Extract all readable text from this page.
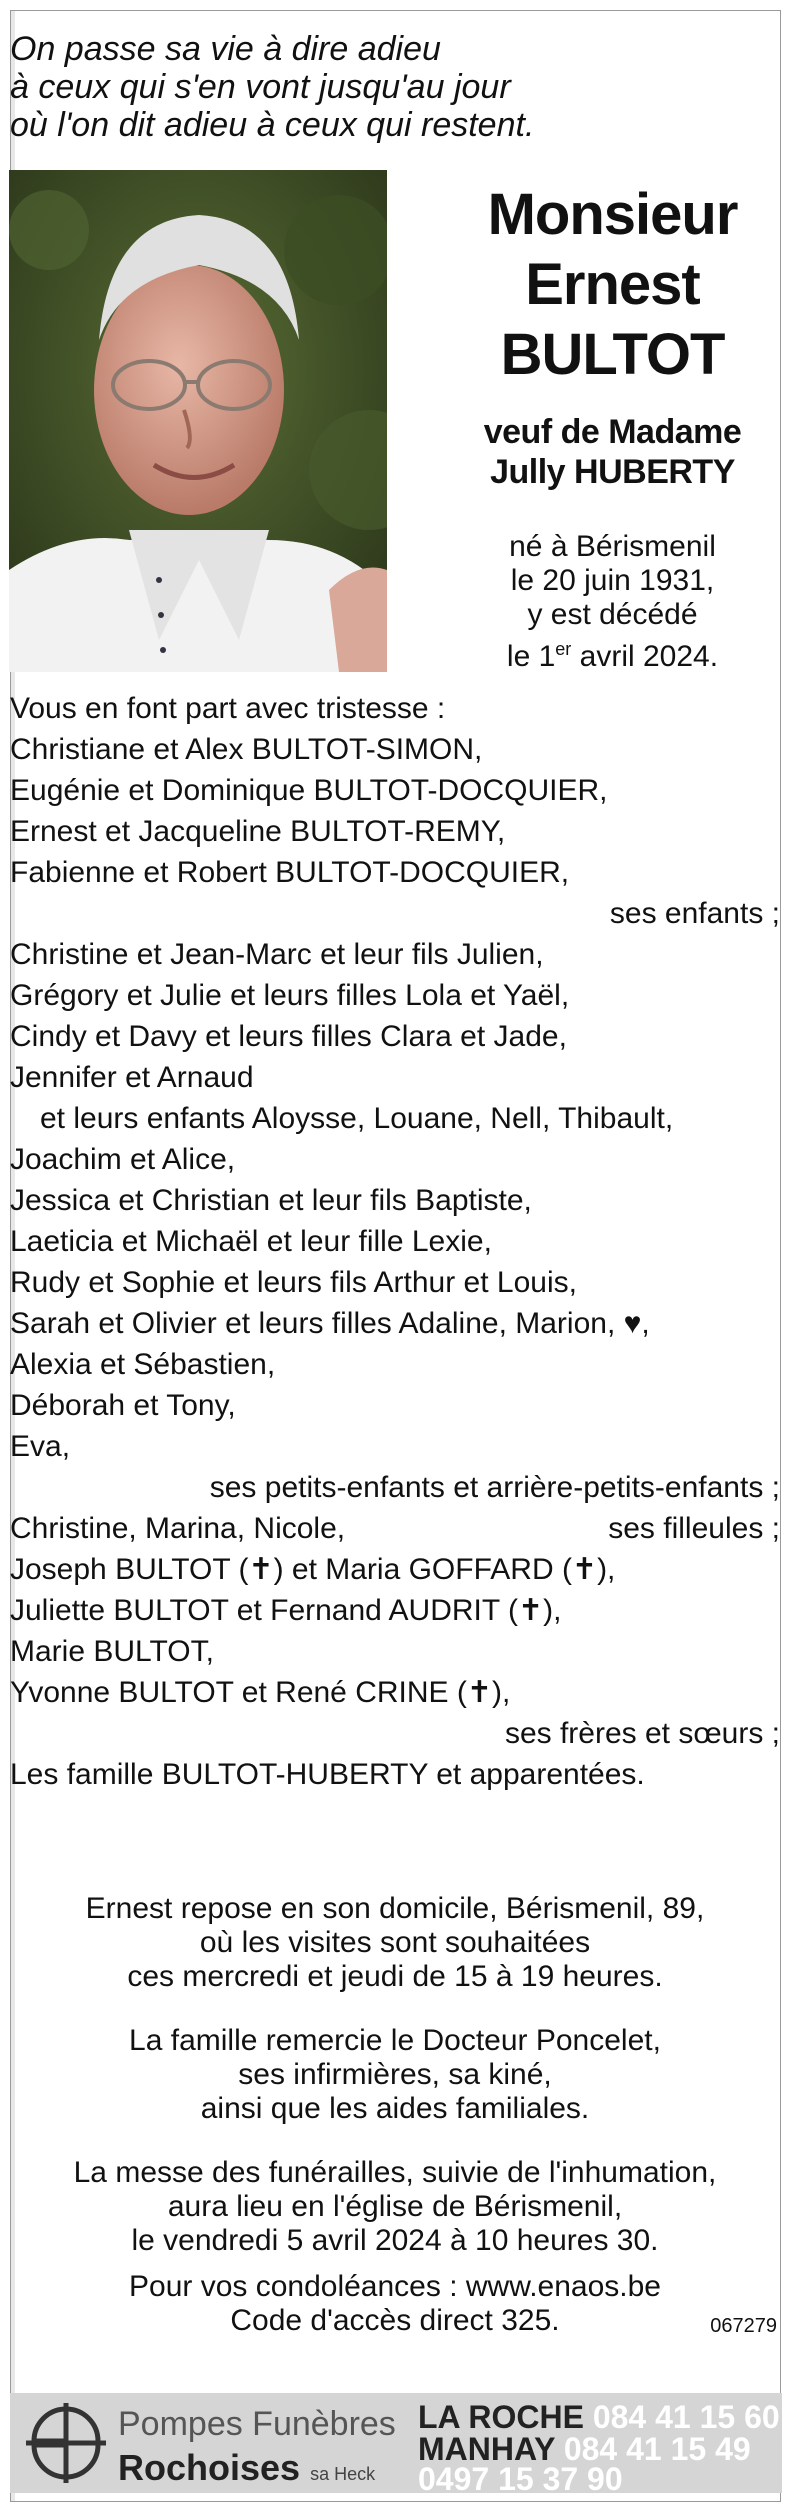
On passe sa vie à dire adieu
à ceux qui s'en vont jusqu'au jour
où l'on dit adieu à ceux qui restent.
Monsieur
Ernest
BULTOT
veuf de Madame
Jully HUBERTY
né à Bérismenil
le 20 juin 1931,
y est décédé
le 1er avril 2024.
Vous en font part avec tristesse :
Christiane et Alex BULTOT-SIMON,
Eugénie et Dominique BULTOT-DOCQUIER,
Ernest et Jacqueline BULTOT-REMY,
Fabienne et Robert BULTOT-DOCQUIER,
ses enfants ;
Christine et Jean-Marc et leur fils Julien,
Grégory et Julie et leurs filles Lola et Yaël,
Cindy et Davy et leurs filles Clara et Jade,
Jennifer et Arnaud
et leurs enfants Aloysse, Louane, Nell, Thibault,
Joachim et Alice,
Jessica et Christian et leur fils Baptiste,
Laeticia et Michaël et leur fille Lexie,
Rudy et Sophie et leurs fils Arthur et Louis,
Sarah et Olivier et leurs filles Adaline, Marion, ♥,
Alexia et Sébastien,
Déborah et Tony,
Eva,
ses petits-enfants et arrière-petits-enfants ;
Christine, Marina, Nicole,	ses filleules ;
Joseph BULTOT (✝) et Maria GOFFARD (✝),
Juliette BULTOT et Fernand AUDRIT (✝),
Marie BULTOT,
Yvonne BULTOT et René CRINE (✝),
ses frères et sœurs ;
Les famille BULTOT-HUBERTY et apparentées.
Ernest repose en son domicile, Bérismenil, 89,
où les visites sont souhaitées
ces mercredi et jeudi de 15 à 19 heures.
La famille remercie le Docteur Poncelet,
ses infirmières, sa kiné,
ainsi que les aides familiales.
La messe des funérailles, suivie de l'inhumation,
aura lieu en l'église de Bérismenil,
le vendredi 5 avril 2024 à 10 heures 30.
Pour vos condoléances : www.enaos.be
Code d'accès direct 325.	067279
Pompes Funèbres
Rochoises sa Heck
LA ROCHE 084 41 15 60
MANHAY 084 41 15 49
0497 15 37 90
